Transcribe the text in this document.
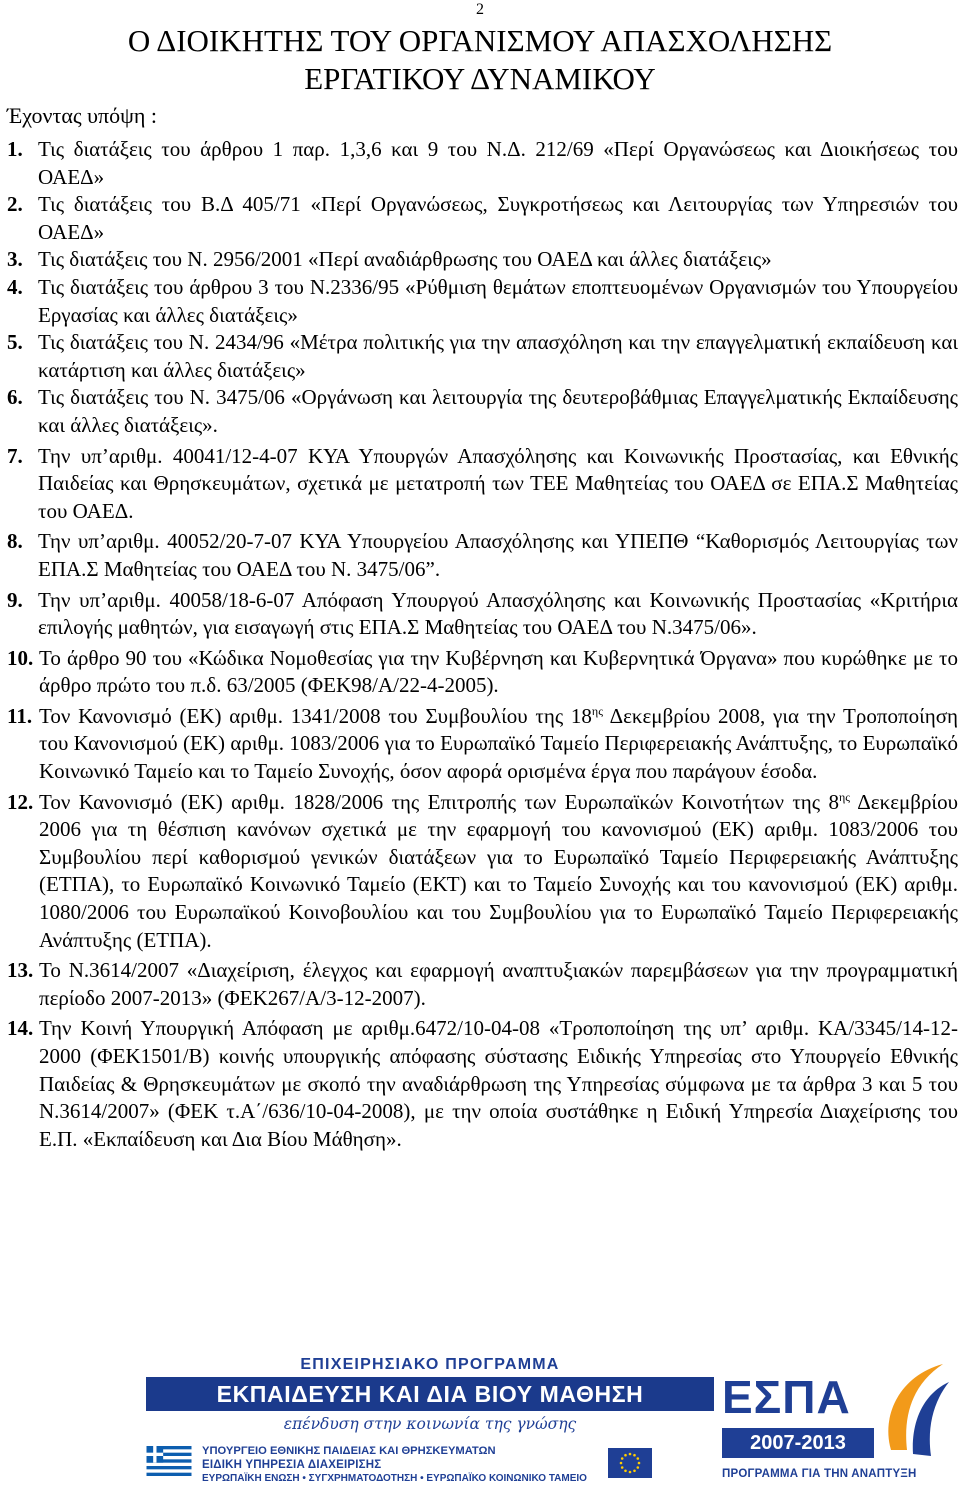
2
Ο ΔΙΟΙΚΗΤΗΣ ΤΟΥ ΟΡΓΑΝΙΣΜΟΥ ΑΠΑΣΧΟΛΗΣΗΣ
ΕΡΓΑΤΙΚΟΥ ΔΥΝΑΜΙΚΟΥ
Έχοντας υπόψη :
1. Τις διατάξεις του άρθρου 1 παρ. 1,3,6 και 9 του Ν.Δ. 212/69 «Περί Οργανώσεως και Διοικήσεως του ΟΑΕΔ»
2. Τις διατάξεις του Β.Δ 405/71 «Περί Οργανώσεως, Συγκροτήσεως και Λειτουργίας των Υπηρεσιών του ΟΑΕΔ»
3. Τις διατάξεις του Ν. 2956/2001 «Περί αναδιάρθρωσης του ΟΑΕΔ και άλλες διατάξεις»
4. Τις διατάξεις του άρθρου 3 του Ν.2336/95 «Ρύθμιση θεμάτων εποπτευομένων Οργανισμών του Υπουργείου Εργασίας και άλλες διατάξεις»
5. Τις διατάξεις του Ν. 2434/96 «Μέτρα πολιτικής για την απασχόληση και την επαγγελματική εκπαίδευση και κατάρτιση και άλλες διατάξεις»
6. Τις διατάξεις του Ν. 3475/06 «Οργάνωση και λειτουργία της δευτεροβάθμιας Επαγγελματικής Εκπαίδευσης και άλλες διατάξεις».
7. Την υπ’αριθμ. 40041/12-4-07 ΚΥΑ Υπουργών Απασχόλησης και Κοινωνικής Προστασίας, και Εθνικής Παιδείας και Θρησκευμάτων, σχετικά με μετατροπή των ΤΕΕ Μαθητείας του ΟΑΕΔ σε ΕΠΑ.Σ Μαθητείας του ΟΑΕΔ.
8. Την υπ’αριθμ. 40052/20-7-07 ΚΥΑ Υπουργείου Απασχόλησης και ΥΠΕΠΘ “Καθορισμός Λειτουργίας των ΕΠΑ.Σ Μαθητείας του ΟΑΕΔ του Ν. 3475/06”.
9. Την υπ’αριθμ. 40058/18-6-07 Απόφαση Υπουργού Απασχόλησης και Κοινωνικής Προστασίας «Κριτήρια επιλογής μαθητών, για εισαγωγή στις ΕΠΑ.Σ Μαθητείας του ΟΑΕΔ του Ν.3475/06».
10. Το άρθρο 90 του «Κώδικα Νομοθεσίας για την Κυβέρνηση και Κυβερνητικά Όργανα» που κυρώθηκε με το άρθρο πρώτο του π.δ. 63/2005 (ΦΕΚ98/Α/22-4-2005).
11. Τον Κανονισμό (ΕΚ) αριθμ. 1341/2008 του Συμβουλίου της $18^{\eta\varsigma}$ Δεκεμβρίου 2008, για την Τροποποίηση του Κανονισμού (ΕΚ) αριθμ. 1083/2006 για το Ευρωπαϊκό Ταμείο Περιφερειακής Ανάπτυξης, το Ευρωπαϊκό Κοινωνικό Ταμείο και το Ταμείο Συνοχής, όσον αφορά ορισμένα έργα που παράγουν έσοδα.
12. Τον Κανονισμό (ΕΚ) αριθμ. 1828/2006 της Επιτροπής των Ευρωπαϊκών Κοινοτήτων της $8^{\eta\varsigma}$ Δεκεμβρίου 2006 για τη θέσπιση κανόνων σχετικά με την εφαρμογή του κανονισμού (ΕΚ) αριθμ. 1083/2006 του Συμβουλίου περί καθορισμού γενικών διατάξεων για το Ευρωπαϊκό Ταμείο Περιφερειακής Ανάπτυξης (ΕΤΠΑ), το Ευρωπαϊκό Κοινωνικό Ταμείο (ΕΚΤ) και το Ταμείο Συνοχής και του κανονισμού (ΕΚ) αριθμ. 1080/2006 του Ευρωπαϊκού Κοινοβουλίου και του Συμβουλίου για το Ευρωπαϊκό Ταμείο Περιφερειακής Ανάπτυξης (ΕΤΠΑ).
13. Το Ν.3614/2007 «Διαχείριση, έλεγχος και εφαρμογή αναπτυξιακών παρεμβάσεων για την προγραμματική περίοδο 2007-2013» (ΦΕΚ267/Α/3-12-2007).
14. Την Κοινή Υπουργική Απόφαση με αριθμ.6472/10-04-08 «Τροποποίηση της υπ’ αριθμ. ΚΑ/3345/14-12-2000 (ΦΕΚ1501/Β) κοινής υπουργικής απόφασης σύστασης Ειδικής Υπηρεσίας στο Υπουργείο Εθνικής Παιδείας & Θρησκευμάτων με σκοπό την αναδιάρθρωση της Υπηρεσίας σύμφωνα με τα άρθρα 3 και 5 του Ν.3614/2007» (ΦΕΚ τ.Α΄/636/10-04-2008), με την οποία συστάθηκε η Ειδική Υπηρεσία Διαχείρισης του Ε.Π. «Εκπαίδευση και Δια Βίου Μάθηση».
ΕΠΙΧΕΙΡΗΣΙΑΚΟ ΠΡΟΓΡΑΜΜΑ
ΕΚΠΑΙΔΕΥΣΗ ΚΑΙ ΔΙΑ ΒΙΟΥ ΜΑΘΗΣΗ
επένδυση στην κοινωνία της γνώσης
ΥΠΟΥΡΓΕΙΟ ΕΘΝΙΚΗΣ ΠΑΙΔΕΙΑΣ ΚΑΙ ΘΡΗΣΚΕΥΜΑΤΩΝ
ΕΙΔΙΚΗ ΥΠΗΡΕΣΙΑ ΔΙΑΧΕΙΡΙΣΗΣ
ΕΥΡΩΠΑΪΚΗ ΕΝΩΣΗ • ΣΥΓΧΡΗΜΑΤΟΔΟΤΗΣΗ • ΕΥΡΩΠΑΪΚΟ ΚΟΙΝΩΝΙΚΟ ΤΑΜΕΙΟ
ΕΣΠΑ
2007-2013
ΠΡΟΓΡΑΜΜΑ ΓΙΑ ΤΗΝ ΑΝΑΠΤΥΞΗ
